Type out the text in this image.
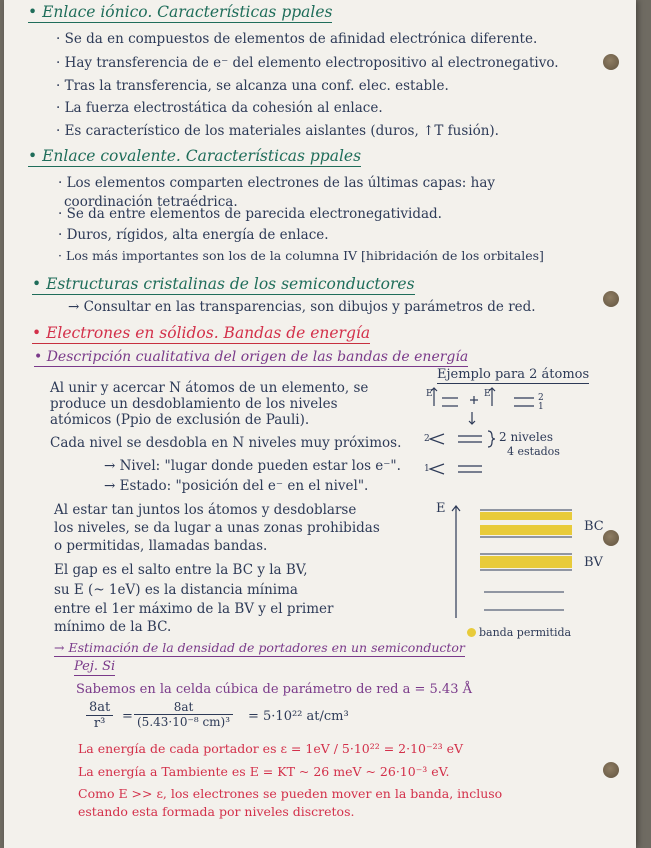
• Enlace iónico. Características ppales
· Se da en compuestos de elementos de afinidad electrónica diferente.
· Hay transferencia de e⁻ del elemento electropositivo al electronegativo.
· Tras la transferencia, se alcanza una conf. elec. estable.
· La fuerza electrostática da cohesión al enlace.
· Es característico de los materiales aislantes (duros, ↑T fusión).
• Enlace covalente. Características ppales
· Los elementos comparten electrones de las últimas capas: hay
coordinación tetraédrica.
· Se da entre elementos de parecida electronegatividad.
· Duros, rígidos, alta energía de enlace.
· Los más importantes son los de la columna IV [hibridación de los orbitales]
• Estructuras cristalinas de los semiconductores
→ Consultar en las transparencias, son dibujos y parámetros de red.
• Electrones en sólidos. Bandas de energía
• Descripción cualitativa del origen de las bandas de energía
Al unir y acercar N átomos de un elemento, se
produce un desdoblamiento de los niveles
atómicos (Ppio de exclusión de Pauli).
Cada nivel se desdobla en N niveles muy próximos.
→ Nivel: "lugar donde pueden estar los e⁻".
→ Estado: "posición del e⁻ en el nivel".
Al estar tan juntos los átomos y desdoblarse
los niveles, se da lugar a unas zonas prohibidas
o permitidas, llamadas bandas.
El gap es el salto entre la BC y la BV,
su E (~ 1eV) es la distancia mínima
entre el 1er máximo de la BV y el primer
mínimo de la BC.
Ejemplo para 2 átomos
E	E	2
1
2
1
2 niveles
4 estados
E
BC
BV
banda permitida
→ Estimación de la densidad de portadores en un semiconductor
Pej. Si
Sabemos en la celda cúbica de parámetro de red a = 5.43 Å
$\frac{8at}{\text{r³}} = \frac{8at}{\text{(5.43·10⁻⁸ cm)³}} = 5\cdot 10^{22}$ at/cm³
La energía de cada portador es ε = 1eV / 5·10²² = 2·10⁻²³ eV
La energía a Tambiente es E = KT ~ 26 meV ~ 26·10⁻³ eV.
Como E >> ε, los electrones se pueden mover en la banda, incluso
estando esta formada por niveles discretos.
